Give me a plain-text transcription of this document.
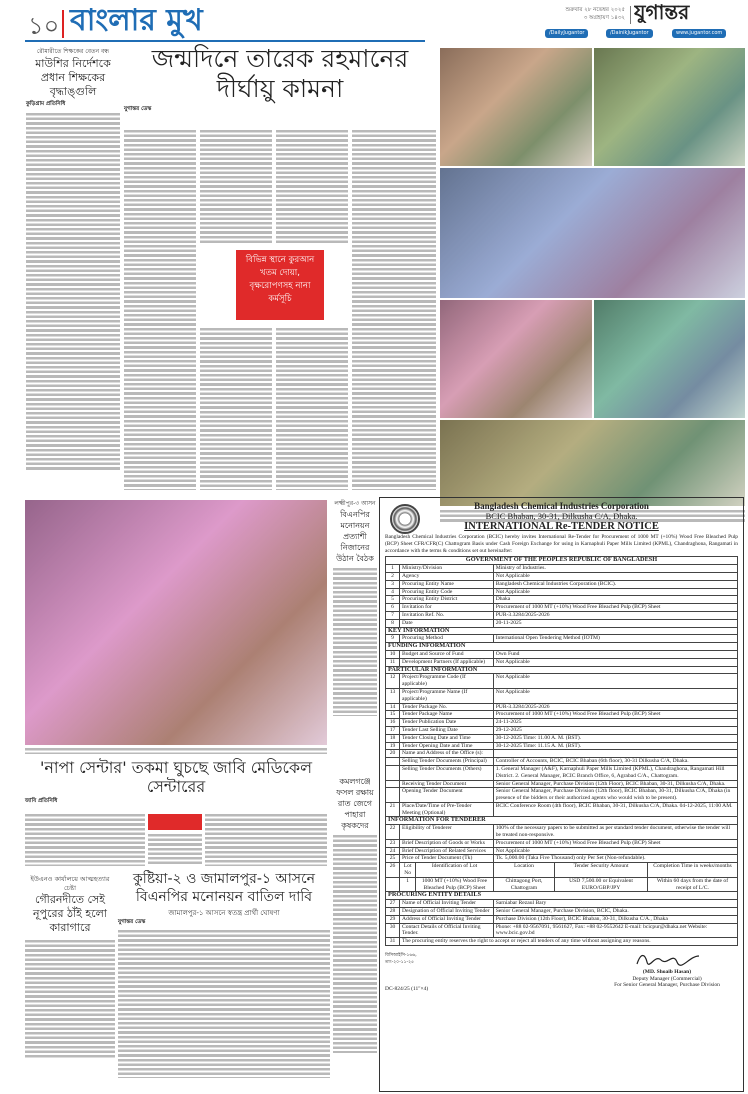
১০ বাংলার মুখ	শুক্রবার ২৮ নভেম্বর ২০২৫
৩ অগ্রহায়ণ ১৪৩২ যুগান্তর
/DailyJugantor	/DainikJugantor	www.jugantor.com
রৌমারীতে শিক্ষকের বেতন বন্ধ
মাউশির নির্দেশকে প্রধান শিক্ষকের বৃদ্ধাঙ্গুলি
কুড়িগ্রাম প্রতিনিধি
জন্মদিনে তারেক রহমানের দীর্ঘায়ু কামনা
যুগান্তর ডেস্ক
বিভিন্ন স্থানে কুরআন খতম দোয়া, বৃক্ষরোপণসহ নানা কর্মসূচি
লক্ষ্মীপুর-৩ আসন
বিএনপির মনোনয়ন প্রত্যাশী নিজানের উঠান বৈঠক
কমলগঞ্জে ফসল রক্ষায় রাত জেগে পাহারা কৃষকদের
'নাপা সেন্টার' তকমা ঘুচছে জাবি মেডিকেল সেন্টারের
জাবি প্রতিনিধি
ইউএনও কার্যালয়ে আত্মহত্যার চেষ্টা
গৌরনদীতে সেই নূপুরের ঠাঁই হলো কারাগারে
কুষ্টিয়া-২ ও জামালপুর-১ আসনে বিএনপির মনোনয়ন বাতিল দাবি
জামালপুর-১ আসনে স্বতন্ত্র প্রার্থী ঘোষণা
যুগান্তর ডেস্ক
Bangladesh Chemical Industries Corporation
BCIC Bhaban, 30-31, Dilkusha C/A, Dhaka.
INTERNATIONAL Re-TENDER NOTICE
Bangladesh Chemical Industries Corporation (BCIC) hereby invites International Re-Tender for Procurement of 1000 MT (+10%) Wood Free Bleached Pulp (BCP) Sheet CFR/CFR(C) Chattogram Basis under Cash Foreign Exchange for using in Karnaphuli Paper Mills Limited (KPML), Chandraghona, Rangamati in accordance with the terms & conditions set out hereinafter:
GOVERNMENT OF THE PEOPLES REPUBLIC OF BANGLADESH					
1	Ministry/Division		Ministry of Industries.		
2	Agency		Not Applicable		
3	Procuring Entity Name		Bangladesh Chemical Industries Corporation (BCIC).		
4	Procuring Entity Code		Not Applicable		
5	Procuring Entity District		Dhaka		
6	Invitation for		Procurement of 1000 MT (+10%) Wood Free Bleached Pulp (BCP) Sheet		
7	Invitation Ref. No.		PUR-3.3284/2025-2026		
8	Date		20-11-2025		
KEY INFORMATION					
9	Procuring Method		International Open Tendering Method (IOTM)		
FUNDING INFORMATION					
10	Budget and Source of Fund		Own Fund		
11	Development Partners (If applicable)		Not Applicable		
PARTICULAR INFORMATION					
12	Project/Programme Code (If applicable)		Not Applicable		
13	Project/Programme Name (If applicable)		Not Applicable		
14	Tender Package No.		PUR-3.3284/2025-2026		
15	Tender Package Name		Procurement of 1000 MT (+10%) Wood Free Bleached Pulp (BCP) Sheet		
16	Tender Publication Date		24-11-2025		
17	Tender Last Selling Date		29-12-2025		
18	Tender Closing Date and Time		30-12-2025 Time: 11.00 A. M. (BST).		
19	Tender Opening Date and Time		30-12-2025 Time: 11.15 A. M. (BST).		
20	Name and Address of the Office (s):				
	Selling Tender Documents (Principal)		Controller of Accounts, BCIC, BCIC Bhaban (6th floor), 30-31 Dilkusha C/A, Dhaka.		
	Selling Tender Documents (Others)		1. General Manager (A&F), Karnaphuli Paper Mills Limited (KPML), Chandraghona, Rangamati Hill District. 2. General Manager, BCIC Branch Office, 6, Agrabad C/A., Chattogram.		
	Receiving Tender Document		Senior General Manager, Purchase Division (12th Floor), BCIC Bhaban, 30-31, Dilkusha C/A, Dhaka.		
	Opening Tender Document		Senior General Manager, Purchase Division (12th floor), BCIC Bhaban, 30-31, Dilkusha C/A, Dhaka (in presence of the bidders or their authorized agents who would wish to be present).		
21	Place/Date/Time of Pre-Tender Meeting (Optional)		BCIC Conference Room (4th floor), BCIC Bhaban, 30-31, Dilkusha C/A, Dhaka. 04-12-2025, 11:00 AM.		
INFORMATION FOR TENDERER					
22	Eligibility of Tenderer		100% of the necessary papers to be submitted as per standard tender document, otherwise the tender will be treated non-responsive.		
23	Brief Description of Goods or Works		Procurement of 1000 MT (+10%) Wood Free Bleached Pulp (BCP) Sheet		
24	Brief Description of Related Services		Not Applicable		
25	Price of Tender Document (Tk)		Tk. 5,000.00 (Taka Five Thousand) only Per Set (Non-refundable).		
26	Lot No	Identification of Lot	Location	Tender Security Amount	Completion Time in weeks/months
	1	1000 MT (+10%) Wood Free Bleached Pulp (BCP) Sheet	Chittagong Port, Chattogram	USD 7,500.00 or Equivalent EURO/GBP/JPY	Within 60 days from the date of receipt of L/C.
PROCURING ENTITY DETAILS					
27	Name of Official Inviting Tender		Sarniabar Rezaul Bary		
28	Designation of Official Inviting Tender		Senior General Manager, Purchase Division, BCIC, Dhaka.		
29	Address of Official Inviting Tender		Purchase Division (12th Floor), BCIC Bhaban, 30-31, Dilkusha C/A., Dhaka		
30	Contact Details of Official Inviting Tender.		Phone: +88 02-9567091, 9561627, Fax: +88 02-9552642 E-mail: bcicpur@dhaka.net Website: www.bcic.gov.bd		
31	The procuring entity reserves the right to accept or reject all tenders of any time without assigning any reasons.				
বিসিআইসি-১৬৬,
তাং-২০-১১-২৫
(MD. Shoaib Hasan)
Deputy Manager (Commercial)
For Senior General Manager, Purchase Division
DC-824/25 (11"×4)
